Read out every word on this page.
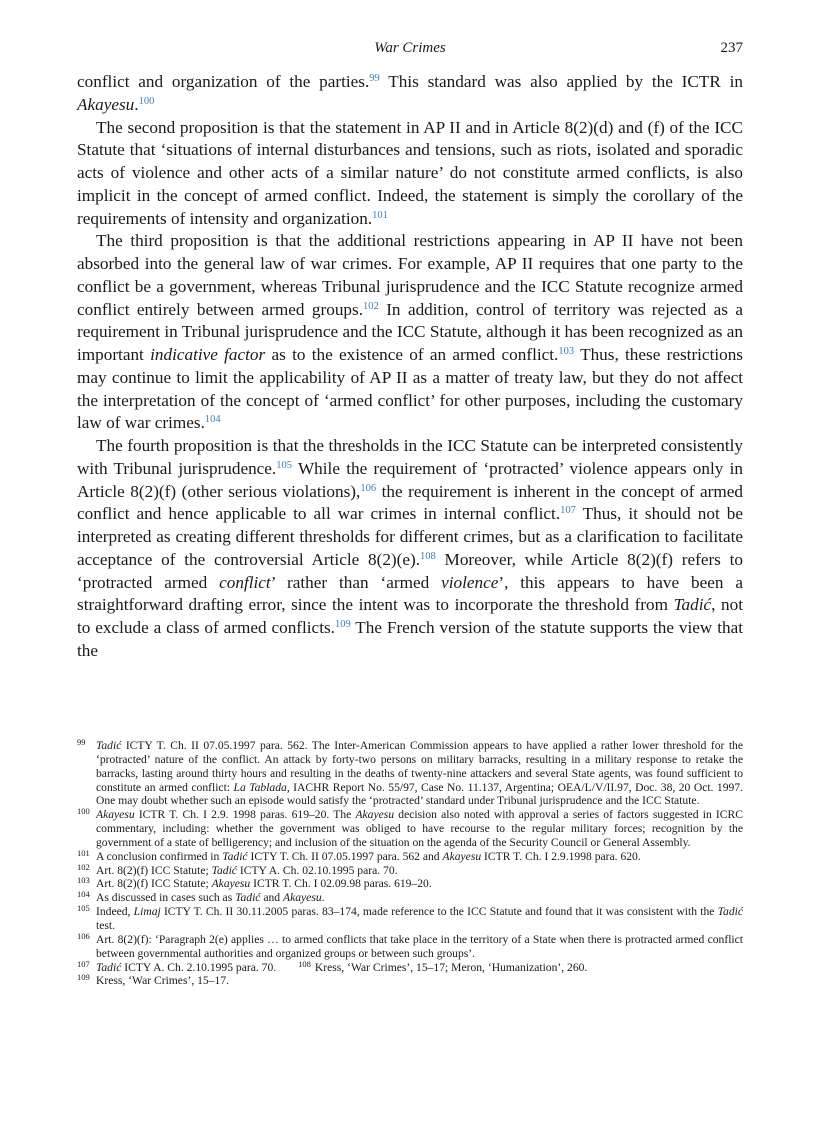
War Crimes	237

conflict and organization of the parties.$^{99}$ This standard was also applied by the ICTR in Akayesu.$^{100}$

The second proposition is that the statement in AP II and in Article 8(2)(d) and (f) of the ICC Statute that ‘situations of internal disturbances and tensions, such as riots, isolated and sporadic acts of violence and other acts of a similar nature’ do not constitute armed conflicts, is also implicit in the concept of armed conflict. Indeed, the statement is simply the corollary of the requirements of intensity and organization.$^{101}$

The third proposition is that the additional restrictions appearing in AP II have not been absorbed into the general law of war crimes. For example, AP II requires that one party to the conflict be a government, whereas Tribunal jurisprudence and the ICC Statute recognize armed conflict entirely between armed groups.$^{102}$ In addition, control of territory was rejected as a requirement in Tribunal jurisprudence and the ICC Statute, although it has been recognized as an important indicative factor as to the existence of an armed conflict.$^{103}$ Thus, these restrictions may continue to limit the applicability of AP II as a matter of treaty law, but they do not affect the interpretation of the concept of ‘armed conflict’ for other purposes, including the customary law of war crimes.$^{104}$

The fourth proposition is that the thresholds in the ICC Statute can be interpreted consistently with Tribunal jurisprudence.$^{105}$ While the requirement of ‘protracted’ violence appears only in Article 8(2)(f) (other serious violations),$^{106}$ the requirement is inherent in the concept of armed conflict and hence applicable to all war crimes in internal conflict.$^{107}$ Thus, it should not be interpreted as creating different thresholds for different crimes, but as a clarification to facilitate acceptance of the controversial Article 8(2)(e).$^{108}$ Moreover, while Article 8(2)(f) refers to ‘protracted armed conflict’ rather than ‘armed violence’, this appears to have been a straightforward drafting error, since the intent was to incorporate the threshold from Tadić, not to exclude a class of armed conflicts.$^{109}$ The French version of the statute supports the view that the

99 Tadić ICTY T. Ch. II 07.05.1997 para. 562. The Inter-American Commission appears to have applied a rather lower threshold for the ‘protracted’ nature of the conflict. An attack by forty-two persons on military barracks, resulting in a military response to retake the barracks, lasting around thirty hours and resulting in the deaths of twenty-nine attackers and several State agents, was found sufficient to constitute an armed conflict: La Tablada, IACHR Report No. 55/97, Case No. 11.137, Argentina; OEA/L/V/II.97, Doc. 38, 20 Oct. 1997. One may doubt whether such an episode would satisfy the ‘protracted’ standard under Tribunal jurisprudence and the ICC Statute.

100 Akayesu ICTR T. Ch. I 2.9. 1998 paras. 619–20. The Akayesu decision also noted with approval a series of factors suggested in ICRC commentary, including: whether the government was obliged to have recourse to the regular military forces; recognition by the government of a state of belligerency; and inclusion of the situation on the agenda of the Security Council or General Assembly.

101 A conclusion confirmed in Tadić ICTY T. Ch. II 07.05.1997 para. 562 and Akayesu ICTR T. Ch. I 2.9.1998 para. 620.

102 Art. 8(2)(f) ICC Statute; Tadić ICTY A. Ch. 02.10.1995 para. 70.

103 Art. 8(2)(f) ICC Statute; Akayesu ICTR T. Ch. I 02.09.98 paras. 619–20.

104 As discussed in cases such as Tadić and Akayesu.

105 Indeed, Limaj ICTY T. Ch. II 30.11.2005 paras. 83–174, made reference to the ICC Statute and found that it was consistent with the Tadić test.

106 Art. 8(2)(f): ‘Paragraph 2(e) applies … to armed conflicts that take place in the territory of a State when there is protracted armed conflict between governmental authorities and organized groups or between such groups’.

107 Tadić ICTY A. Ch. 2.10.1995 para. 70.	$^{108}$ Kress, ‘War Crimes’, 15–17; Meron, ‘Humanization’, 260.

109 Kress, ‘War Crimes’, 15–17.
